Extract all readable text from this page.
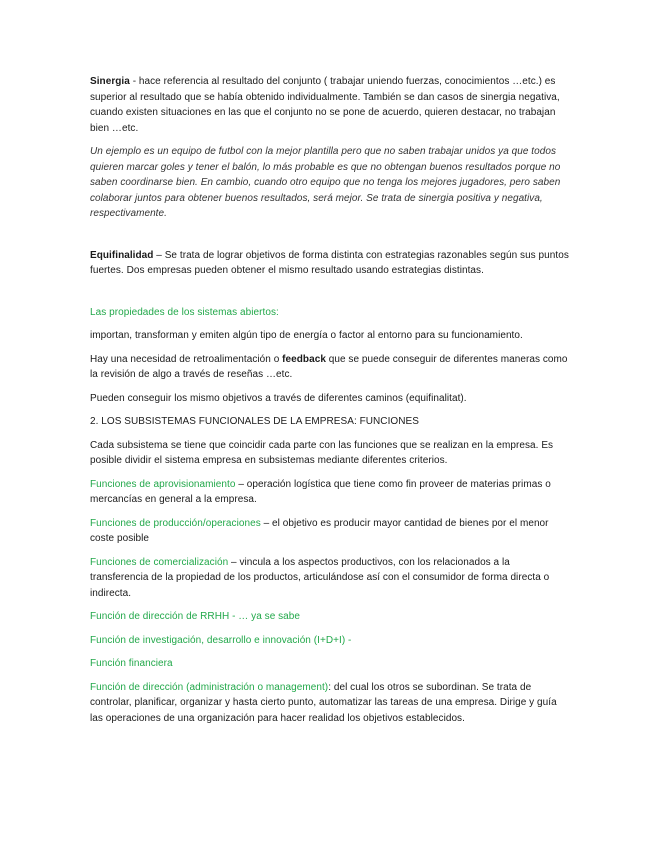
Sinergia - hace referencia al resultado del conjunto ( trabajar uniendo fuerzas, conocimientos …etc.) es superior al resultado que se había obtenido individualmente. También se dan casos de sinergia negativa, cuando existen situaciones en las que el conjunto no se pone de acuerdo, quieren destacar, no trabajan bien …etc.

Un ejemplo es un equipo de futbol con la mejor plantilla pero que no saben trabajar unidos ya que todos quieren marcar goles y tener el balón, lo más probable es que no obtengan buenos resultados porque no saben coordinarse bien. En cambio, cuando otro equipo que no tenga los mejores jugadores, pero saben colaborar juntos para obtener buenos resultados, será mejor. Se trata de sinergia positiva y negativa, respectivamente.

Equifinalidad – Se trata de lograr objetivos de forma distinta con estrategias razonables según sus puntos fuertes. Dos empresas pueden obtener el mismo resultado usando estrategias distintas.

Las propiedades de los sistemas abiertos:

importan, transforman y emiten algún tipo de energía o factor al entorno para su funcionamiento.

Hay una necesidad de retroalimentación o feedback que se puede conseguir de diferentes maneras como la revisión de algo a través de reseñas …etc.

Pueden conseguir los mismo objetivos a través de diferentes caminos (equifinalitat).

2. LOS SUBSISTEMAS FUNCIONALES DE LA EMPRESA: FUNCIONES

Cada subsistema se tiene que coincidir cada parte con las funciones que se realizan en la empresa. Es posible dividir el sistema empresa en subsistemas mediante diferentes criterios.

Funciones de aprovisionamiento – operación logística que tiene como fin proveer de materias primas o mercancías en general a la empresa.

Funciones de producción/operaciones – el objetivo es producir mayor cantidad de bienes por el menor coste posible

Funciones de comercialización – vincula a los aspectos productivos, con los relacionados a la transferencia de la propiedad de los productos, articulándose así con el consumidor de forma directa o indirecta.

Función de dirección de RRHH - … ya se sabe

Función de investigación, desarrollo e innovación (I+D+I) -

Función financiera

Función de dirección (administración o management): del cual los otros se subordinan. Se trata de controlar, planificar, organizar y hasta cierto punto, automatizar las tareas de una empresa. Dirige y guía las operaciones de una organización para hacer realidad los objetivos establecidos.
